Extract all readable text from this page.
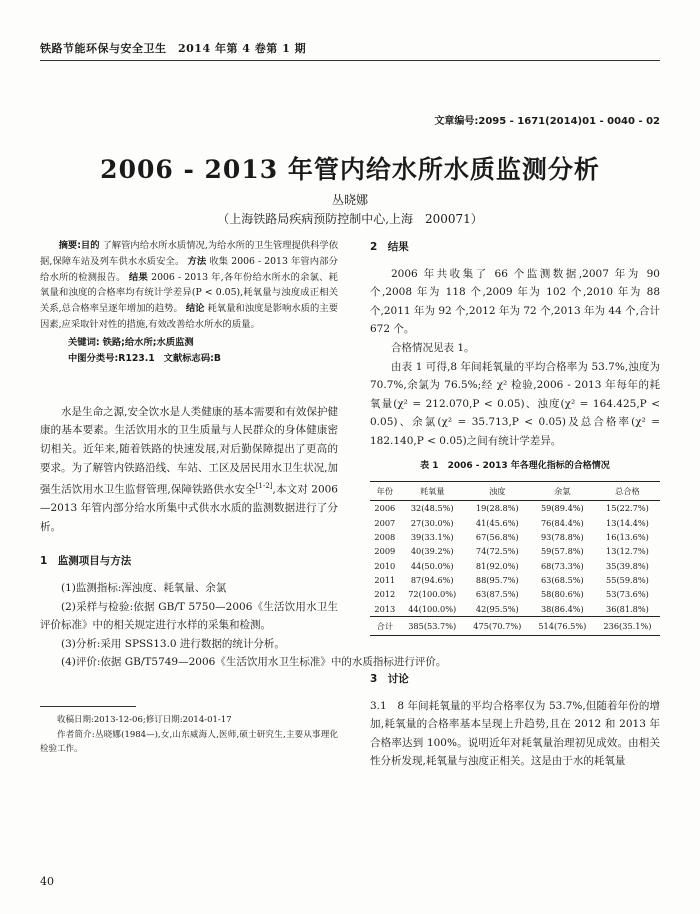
铁路节能环保与安全卫生　2014 年第 4 卷第 1 期
文章编号:2095 - 1671(2014)01 - 0040 - 02
2006 - 2013 年管内给水所水质监测分析
丛晓娜
（上海铁路局疾病预防控制中心,上海　200071）
摘要:目的 了解管内给水所水质情况,为给水所的卫生管理提供科学依据,保障车站及列车供水水质安全。 方法 收集 2006 - 2013 年管内部分给水所的检测报告。 结果 2006 - 2013 年,各年份给水所水的余氯、耗氧量和浊度的合格率均有统计学差异(P < 0.05),耗氧量与浊度成正相关关系,总合格率呈逐年增加的趋势。 结论 耗氧量和浊度是影响水质的主要因素,应采取针对性的措施,有效改善给水所水的质量。
关键词: 铁路;给水所;水质监测
中图分类号:R123.1 文献标志码:B

水是生命之源,安全饮水是人类健康的基本需要和有效保护健康的基本要素。生活饮用水的卫生质量与人民群众的身体健康密切相关。近年来,随着铁路的快速发展,对后勤保障提出了更高的要求。为了解管内铁路沿线、车站、工区及居民用水卫生状况,加强生活饮用水卫生监督管理,保障铁路供水安全[1-2],本文对 2006 —2013 年管内部分给水所集中式供水水质的监测数据进行了分析。

1　监测项目与方法

(1)监测指标:浑浊度、耗氧量、余氯

(2)采样与检验:依据 GB/T 5750—2006《生活饮用水卫生评价标准》中的相关规定进行水样的采集和检测。

(3)分析:采用 SPSS13.0 进行数据的统计分析。

(4)评价:依据 GB/T5749—2006《生活饮用水卫生标准》中的水质指标进行评价。

收稿日期:2013-12-06;修订日期:2014-01-17

作者简介:丛晓娜(1984—),女,山东威海人,医师,硕士研究生,主要从事理化检验工作。

40
2　结果

2006 年共收集了 66 个监测数据,2007 年为 90 个,2008 年为 118 个,2009 年为 102 个,2010 年为 88 个,2011 年为 92 个,2012 年为 72 个,2013 年为 44 个,合计 672 个。

合格情况见表 1。

由表 1 可得,8 年间耗氧量的平均合格率为 53.7%,浊度为 70.7%,余氯为 76.5%;经 χ² 检验,2006 - 2013 年每年的耗氧量(χ² = 212.070,P < 0.05)、浊度(χ² = 164.425,P < 0.05)、余氯(χ² = 35.713,P < 0.05)及总合格率(χ² = 182.140,P < 0.05)之间有统计学差异。

表 1　2006 - 2013 年各理化指标的合格情况
年份	耗氧量	浊度	余氯	总合格
2006	32(48.5%)	19(28.8%)	59(89.4%)	15(22.7%)
2007	27(30.0%)	41(45.6%)	76(84.4%)	13(14.4%)
2008	39(33.1%)	67(56.8%)	93(78.8%)	16(13.6%)
2009	40(39.2%)	74(72.5%)	59(57.8%)	13(12.7%)
2010	44(50.0%)	81(92.0%)	68(73.3%)	35(39.8%)
2011	87(94.6%)	88(95.7%)	63(68.5%)	55(59.8%)
2012	72(100.0%)	63(87.5%)	58(80.6%)	53(73.6%)
2013	44(100.0%)	42(95.5%)	38(86.4%)	36(81.8%)
合计	385(53.7%)	475(70.7%)	514(76.5%)	236(35.1%)
3　讨论

3.1　8 年间耗氧量的平均合格率仅为 53.7%,但随着年份的增加,耗氧量的合格率基本呈现上升趋势,且在 2012 和 2013 年合格率达到 100%。说明近年对耗氧量治理初见成效。由相关性分析发现,耗氧量与浊度正相关。这是由于水的耗氧量
